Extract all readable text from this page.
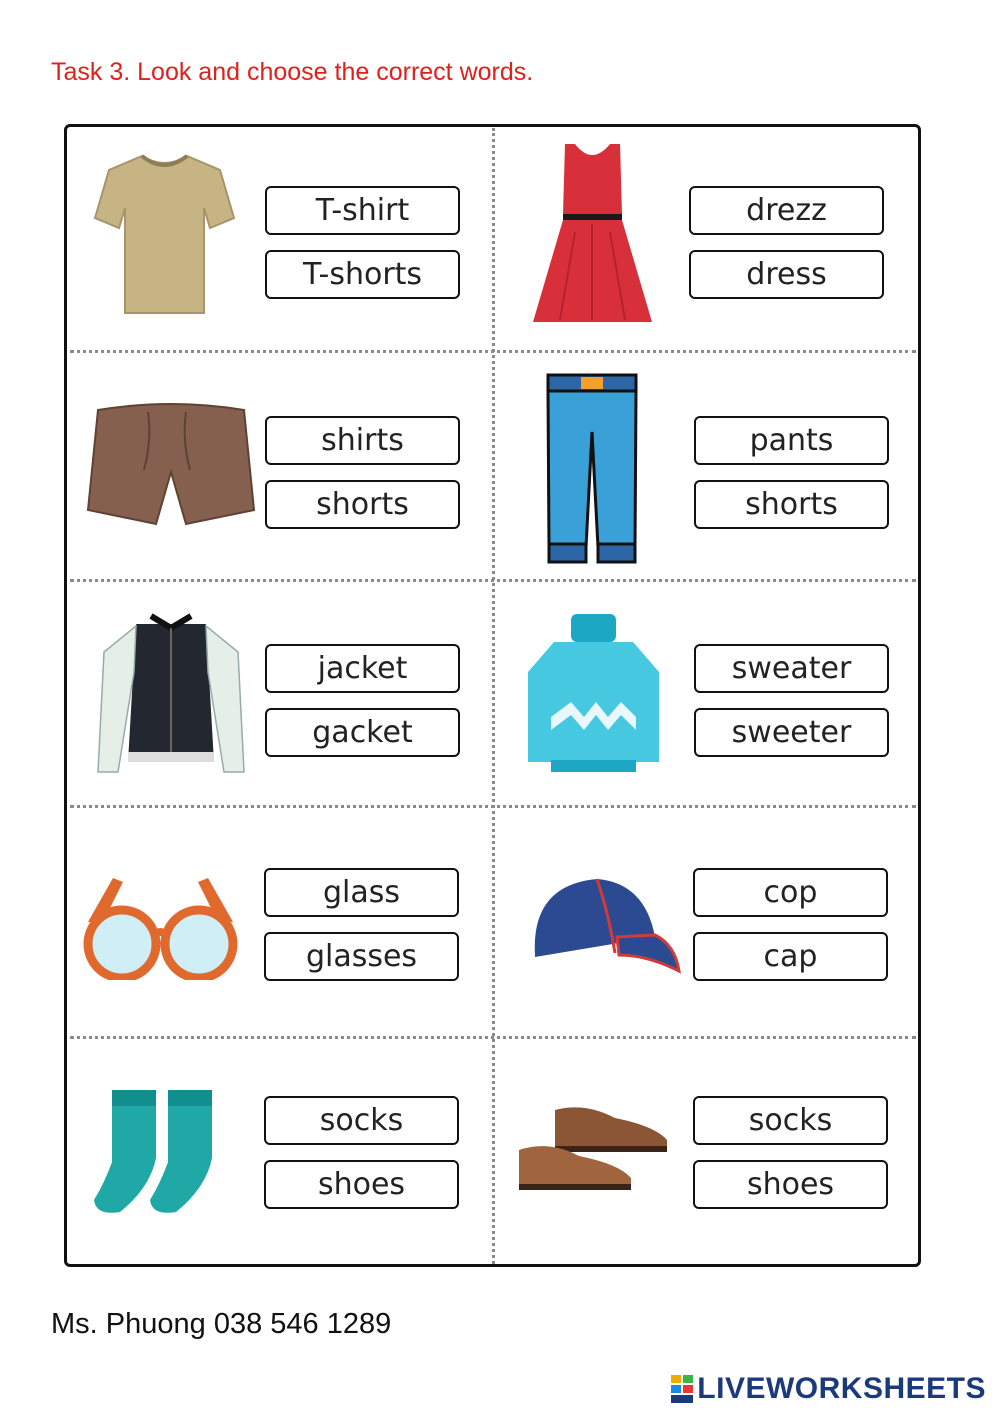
Task 3. Look and choose the correct words.
T-shirt
T-shorts
drezz
dress
shirts
shorts
pants
shorts
jacket
gacket
sweater
sweeter
glass
glasses
cop
cap
socks
shoes
socks
shoes
Ms. Phuong 038 546 1289
LIVEWORKSHEETS
